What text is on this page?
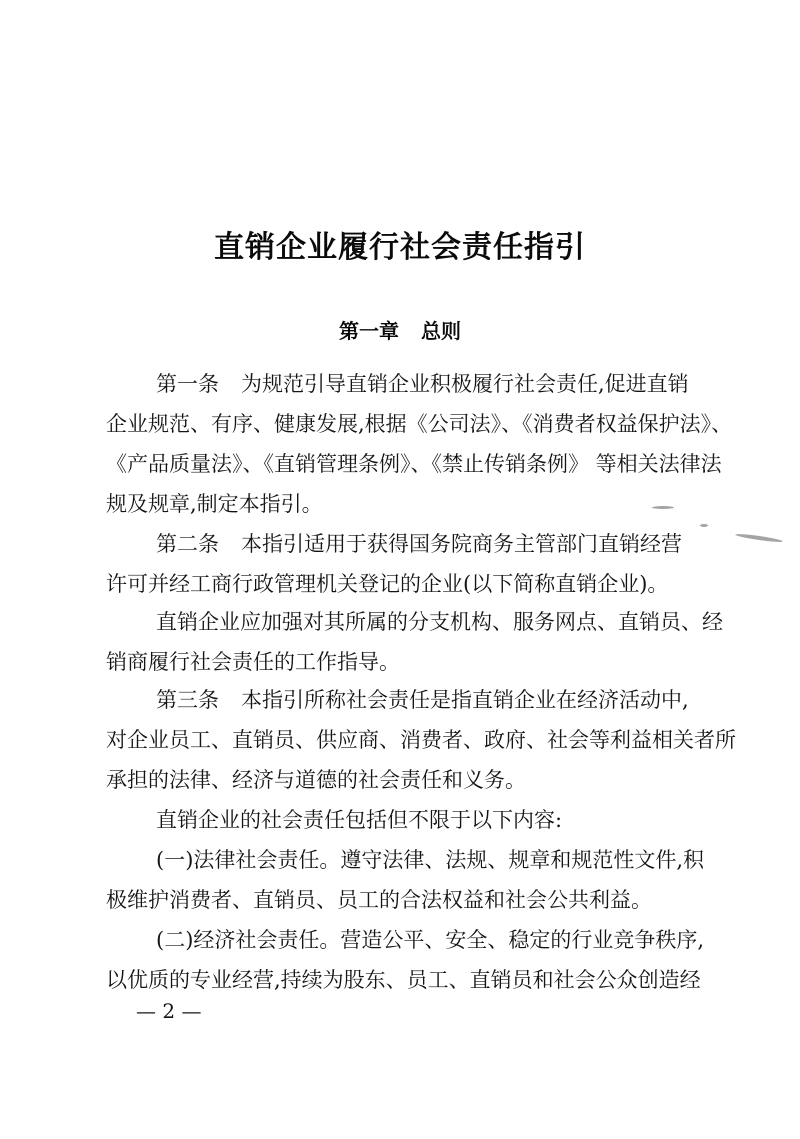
直销企业履行社会责任指引
第一章 总则
第一条 为规范引导直销企业积极履行社会责任,促进直销
企业规范、有序、健康发展,根据《公司法》、《消费者权益保护法》、
《产品质量法》、《直销管理条例》、《禁止传销条例》 等相关法律法
规及规章,制定本指引。
第二条 本指引适用于获得国务院商务主管部门直销经营
许可并经工商行政管理机关登记的企业(以下简称直销企业)。
直销企业应加强对其所属的分支机构、服务网点、直销员、经
销商履行社会责任的工作指导。
第三条 本指引所称社会责任是指直销企业在经济活动中,
对企业员工、直销员、供应商、消费者、政府、社会等利益相关者所
承担的法律、经济与道德的社会责任和义务。
直销企业的社会责任包括但不限于以下内容:
(一)法律社会责任。遵守法律、法规、规章和规范性文件,积
极维护消费者、直销员、员工的合法权益和社会公共利益。
(二)经济社会责任。营造公平、安全、稳定的行业竞争秩序,
以优质的专业经营,持续为股东、员工、直销员和社会公众创造经
— 2 —
